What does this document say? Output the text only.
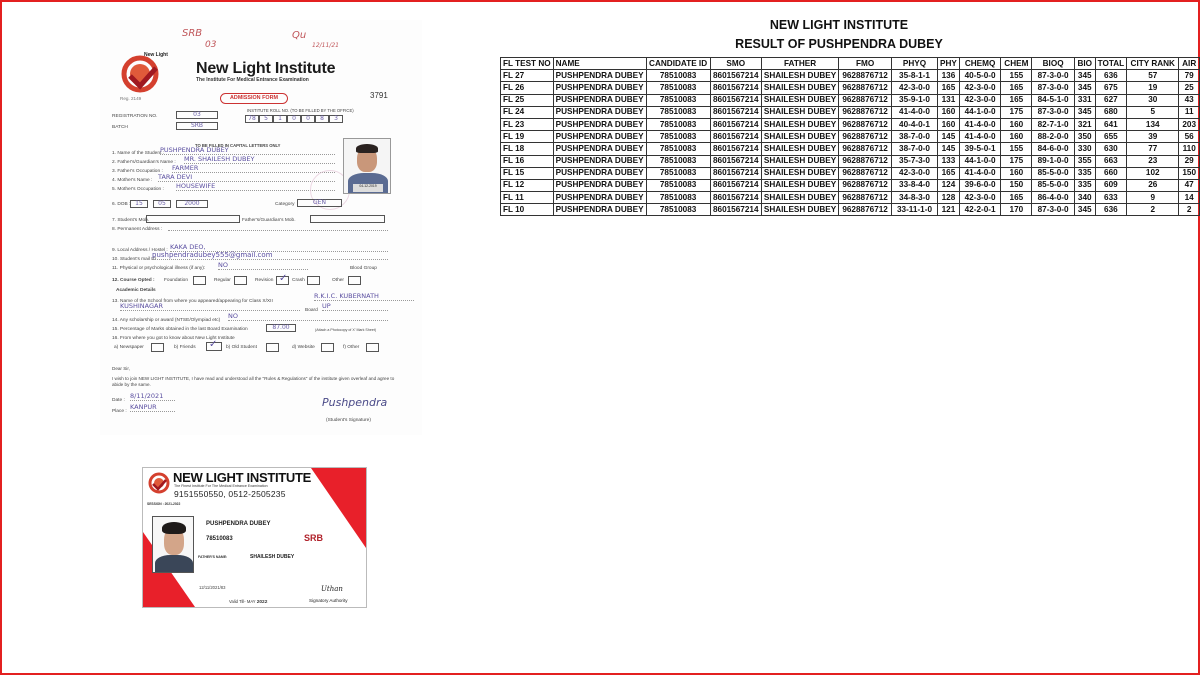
New Light
Reg. 2149
SRB
03
Qu
12/11/21
New Light Institute
The Institute For Medical Entrance Examination
ADMISSION FORM	3791
REGISTRATION NO.	03
BATCH	SRB
INSTITUTE ROLL NO. (TO BE FILLED BY THE OFFICE)
78	5	1	0	0	8	3
TO BE FILLED IN CAPITAL LETTERS ONLY
1. Name of the Student :
PUSHPENDRA DUBEY
2. Father's/Guardian's Name : MR. SHAILESH DUBEY
3. Father's Occupation : FARMER
4. Mother's Name : TARA DEVI
5. Mother's Occupation : HOUSEWIFE	04-12-2019
6. DOB : 15	05	2000	Category	GEN
7. Student's Mob.	Father's/Guardian's Mob.
8. Permanent Address :
9. Local Address / Hostel : KAKA DEO,
10. Student's mail ID
pushpendradubey555@gmail.com
11. Physical or psychological illness (if any): NO	Blood Group
12. Course Opted : Foundation	Regular	Revision ✓	Crash	Other
Academic Details
13. Name of the School from where you appeared/appearing for Class X/XII
R.K.I.C. KUBERNATH
KUSHINAGAR
Board
UP
14. Any scholarship or award (NTSE/Olympiad etc)
NO
15. Percentage of Marks obtained in the last Board Examination	87.00	(Attach a Photocopy of X' Mark Sheet)
16. From where you got to know about New Light Institute
a) Newspaper	b) Friends ✓	b) Old Student	d) Website	f) Other
Dear Sir,
I wish to join NEW LIGHT INSTITUTE, I have read and understood all the "Rules & Regulations" of the institute given overleaf and agree to abide by the same.
Date :
8/11/2021
Place :
KANPUR	Pushpendra
(Student's Signature)
NEW LIGHT INSTITUTE
The Finest Institute For The Medical Entrance Examination
9151550550, 0512-2505235
SESSION : 2021-2022
PUSHPENDRA DUBEY
78510083	SRB
FATHER'S NAME:	SHAILESH DUBEY
12/11/2021/83
Valid Till- MAY 2022
Uthan
Signatory Authority
NEW LIGHT INSTITUTE
RESULT OF PUSHPENDRA DUBEY
FL TEST NO	NAME	CANDIDATE ID	SMO	FATHER	FMO	PHYQ	PHY	CHEMQ	CHEM	BIOQ	BIO	TOTAL	CITY RANK	AIR
FL 27	PUSHPENDRA DUBEY	78510083	8601567214	SHAILESH DUBEY	9628876712	35-8-1-1	136	40-5-0-0	155	87-3-0-0	345	636	57	79
FL 26	PUSHPENDRA DUBEY	78510083	8601567214	SHAILESH DUBEY	9628876712	42-3-0-0	165	42-3-0-0	165	87-3-0-0	345	675	19	25
FL 25	PUSHPENDRA DUBEY	78510083	8601567214	SHAILESH DUBEY	9628876712	35-9-1-0	131	42-3-0-0	165	84-5-1-0	331	627	30	43
FL 24	PUSHPENDRA DUBEY	78510083	8601567214	SHAILESH DUBEY	9628876712	41-4-0-0	160	44-1-0-0	175	87-3-0-0	345	680	5	11
FL 23	PUSHPENDRA DUBEY	78510083	8601567214	SHAILESH DUBEY	9628876712	40-4-0-1	160	41-4-0-0	160	82-7-1-0	321	641	134	203
FL 19	PUSHPENDRA DUBEY	78510083	8601567214	SHAILESH DUBEY	9628876712	38-7-0-0	145	41-4-0-0	160	88-2-0-0	350	655	39	56
FL 18	PUSHPENDRA DUBEY	78510083	8601567214	SHAILESH DUBEY	9628876712	38-7-0-0	145	39-5-0-1	155	84-6-0-0	330	630	77	110
FL 16	PUSHPENDRA DUBEY	78510083	8601567214	SHAILESH DUBEY	9628876712	35-7-3-0	133	44-1-0-0	175	89-1-0-0	355	663	23	29
FL 15	PUSHPENDRA DUBEY	78510083	8601567214	SHAILESH DUBEY	9628876712	42-3-0-0	165	41-4-0-0	160	85-5-0-0	335	660	102	150
FL 12	PUSHPENDRA DUBEY	78510083	8601567214	SHAILESH DUBEY	9628876712	33-8-4-0	124	39-6-0-0	150	85-5-0-0	335	609	26	47
FL 11	PUSHPENDRA DUBEY	78510083	8601567214	SHAILESH DUBEY	9628876712	34-8-3-0	128	42-3-0-0	165	86-4-0-0	340	633	9	14
FL 10	PUSHPENDRA DUBEY	78510083	8601567214	SHAILESH DUBEY	9628876712	33-11-1-0	121	42-2-0-1	170	87-3-0-0	345	636	2	2
